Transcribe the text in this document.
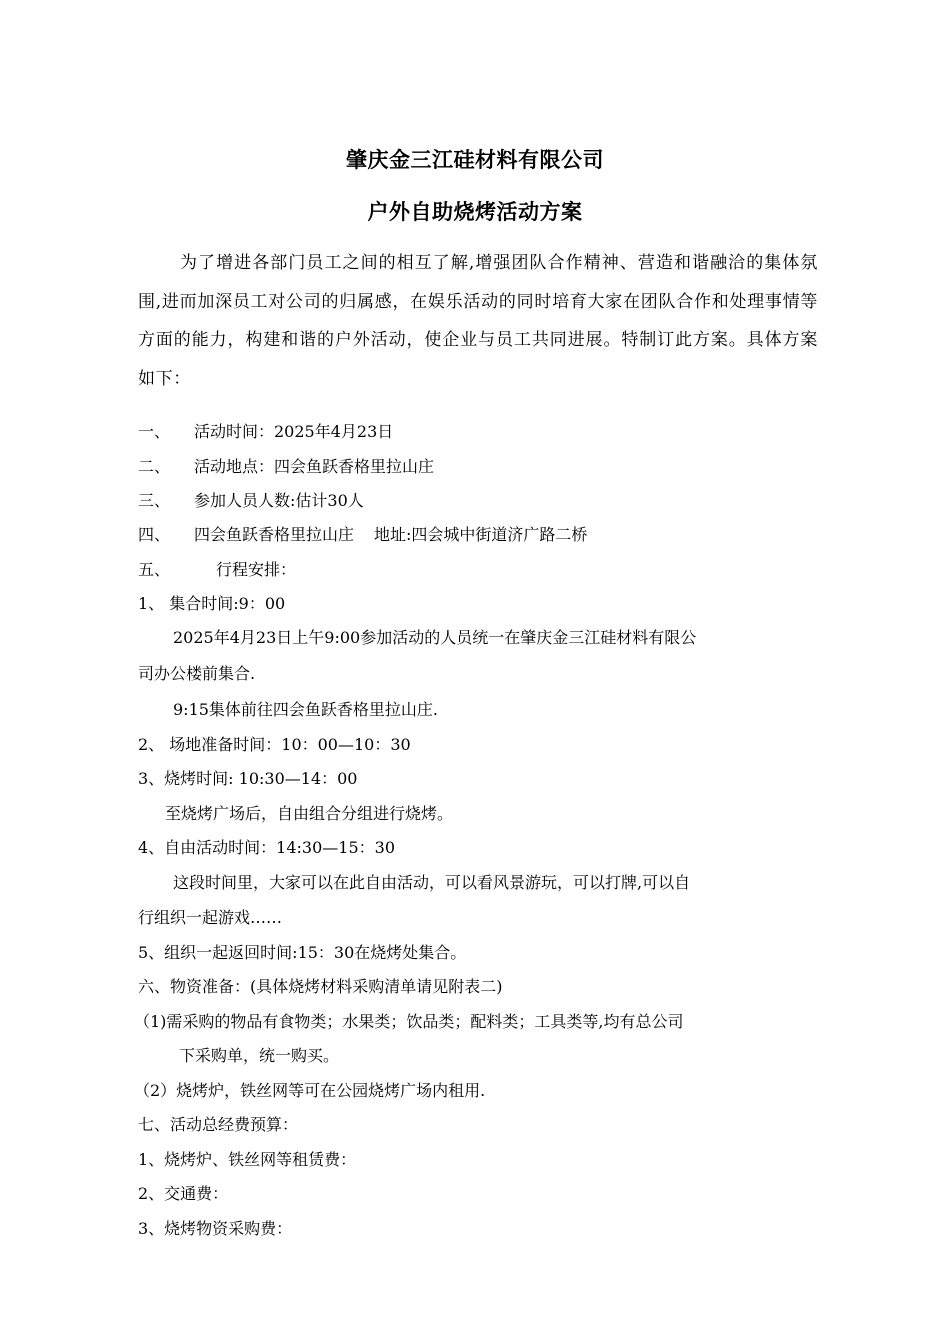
肇庆金三江硅材料有限公司
户外自助烧烤活动方案

为了增进各部门员工之间的相互了解,增强团队合作精神、营造和谐融洽的集体氛围,进而加深员工对公司的归属感，在娱乐活动的同时培育大家在团队合作和处理事情等方面的能力，构建和谐的户外活动，使企业与员工共同进展。特制订此方案。具体方案如下：

一、 活动时间：2025年4月23日
二、 活动地点：四会鱼跃香格里拉山庄
三、 参加人员人数:估计30人
四、 四会鱼跃香格里拉山庄 地址:四会城中街道济广路二桥
五、	行程安排：
1、 集合时间:9：00
2025年4月23日上午9:00参加活动的人员统一在肇庆金三江硅材料有限公
司办公楼前集合.
9:15集体前往四会鱼跃香格里拉山庄.
2、 场地准备时间：10：00—10：30
3、烧烤时间: 10:30—14：00
至烧烤广场后，自由组合分组进行烧烤。
4、自由活动时间：14:30—15：30
这段时间里，大家可以在此自由活动，可以看风景游玩，可以打牌,可以自
行组织一起游戏……
5、组织一起返回时间:15：30在烧烤处集合。
六、物资准备：(具体烧烤材料采购清单请见附表二)
（1)需采购的物品有食物类；水果类；饮品类；配料类；工具类等,均有总公司
下采购单，统一购买。
（2）烧烤炉，铁丝网等可在公园烧烤广场内租用.
七、活动总经费预算：
1、烧烤炉、铁丝网等租赁费：
2、交通费：
3、烧烤物资采购费：
